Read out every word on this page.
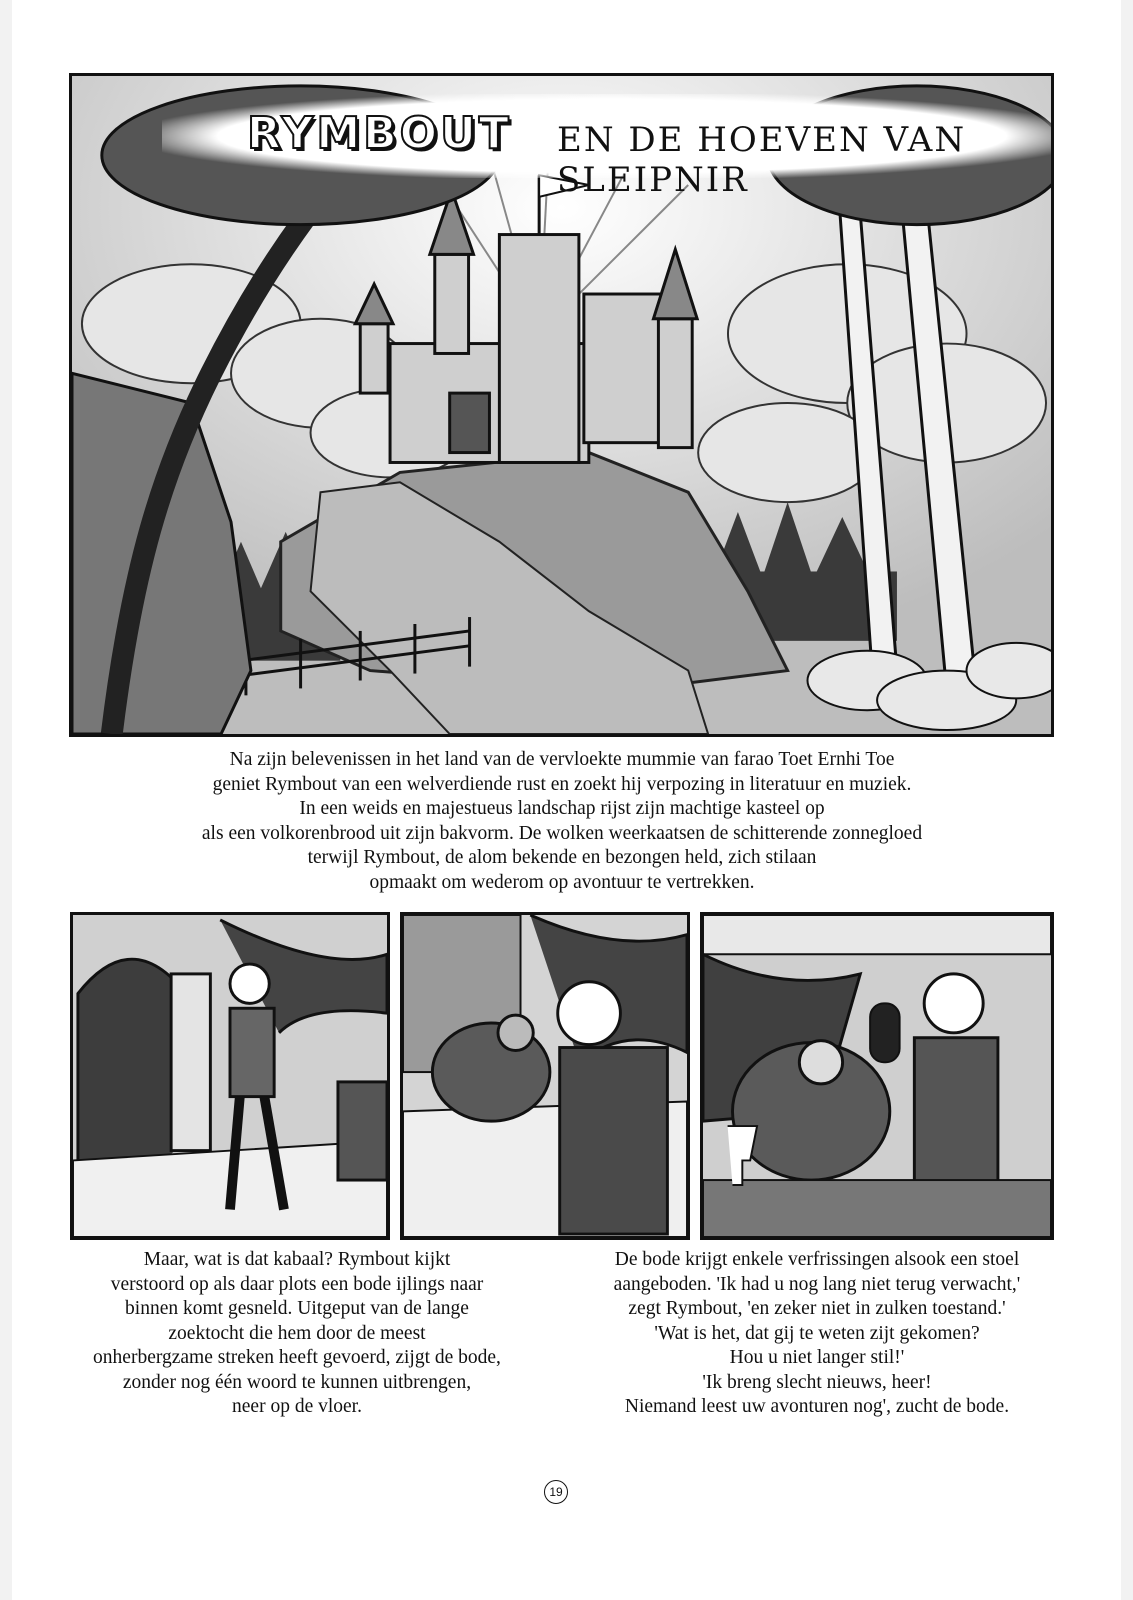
RYMBOUT EN DE HOEVEN VAN SLEIPNIR
Na zijn belevenissen in het land van de vervloekte mummie van farao Toet Ernhi Toe
geniet Rymbout van een welverdiende rust en zoekt hij verpozing in literatuur en muziek.
In een weids en majestueus landschap rijst zijn machtige kasteel op
als een volkorenbrood uit zijn bakvorm. De wolken weerkaatsen de schitterende zonnegloed
terwijl Rymbout, de alom bekende en bezongen held, zich stilaan
opmaakt om wederom op avontuur te vertrekken.
Maar, wat is dat kabaal? Rymbout kijkt
verstoord op als daar plots een bode ijlings naar
binnen komt gesneld. Uitgeput van de lange
zoektocht die hem door de meest
onherbergzame streken heeft gevoerd, zijgt de bode,
zonder nog één woord te kunnen uitbrengen,
neer op de vloer.
De bode krijgt enkele verfrissingen alsook een stoel
aangeboden. 'Ik had u nog lang niet terug verwacht,'
zegt Rymbout, 'en zeker niet in zulken toestand.'
'Wat is het, dat gij te weten zijt gekomen?
Hou u niet langer stil!'
'Ik breng slecht nieuws, heer!
Niemand leest uw avonturen nog', zucht de bode.
19
